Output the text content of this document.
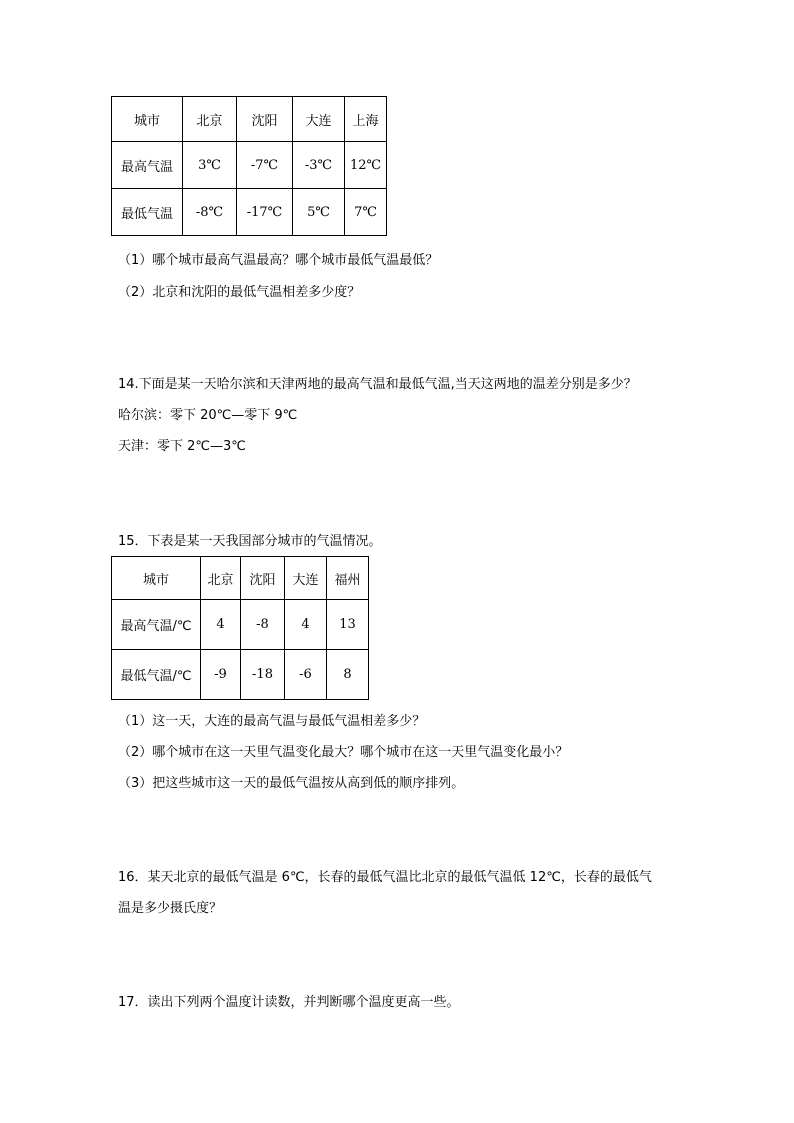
城市	北京	沈阳	大连	上海
最高气温	3℃	-7℃	-3℃	12℃
最低气温	-8℃	-17℃	5℃	7℃
（1）哪个城市最高气温最高？哪个城市最低气温最低？
（2）北京和沈阳的最低气温相差多少度？
14.下面是某一天哈尔滨和天津两地的最高气温和最低气温,当天这两地的温差分别是多少？
哈尔滨：零下 20℃—零下 9℃
天津：零下 2℃—3℃
15．下表是某一天我国部分城市的气温情况。
城市	北京	沈阳	大连	福州
最高气温/℃	4	-8	4	13
最低气温/℃	-9	-18	-6	8
（1）这一天，大连的最高气温与最低气温相差多少？
（2）哪个城市在这一天里气温变化最大？哪个城市在这一天里气温变化最小？
（3）把这些城市这一天的最低气温按从高到低的顺序排列。
16．某天北京的最低气温是 6℃，长春的最低气温比北京的最低气温低 12℃，长春的最低气
温是多少摄氏度？
17．读出下列两个温度计读数，并判断哪个温度更高一些。
